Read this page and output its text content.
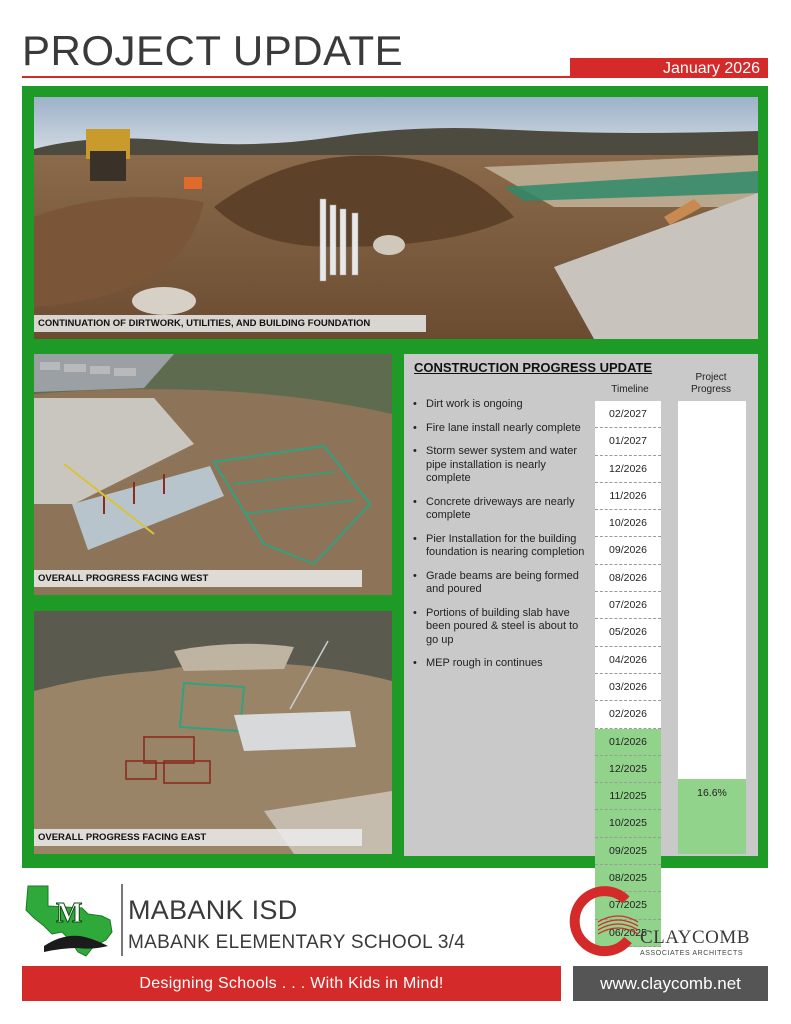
PROJECT UPDATE	January 2026
CONTINUATION OF DIRTWORK, UTILITIES, AND BUILDING FOUNDATION
OVERALL PROGRESS FACING WEST
OVERALL PROGRESS FACING EAST
CONSTRUCTION PROGRESS UPDATE
Timeline
Project
Progress
• Dirt work is ongoing
• Fire lane install nearly complete
• Storm sewer system and water pipe installation is nearly complete
• Concrete driveways are nearly complete
• Pier Installation for the building foundation is nearing completion
• Grade beams are being formed and poured
• Portions of building slab have been poured & steel is about to go up
• MEP rough in continues
02/2027
01/2027
12/2026
11/2026
10/2026
09/2026
08/2026
07/2026
05/2026
04/2026
03/2026
02/2026
01/2026
12/2025
11/2025
10/2025
09/2025
08/2025
07/2025
06/2025
16.6%
M MABANK ISD
MABANK ELEMENTARY SCHOOL 3/4	CLAYCOMB
ASSOCIATES ARCHITECTS
Designing Schools . . . With Kids in Mind!	www.claycomb.net
